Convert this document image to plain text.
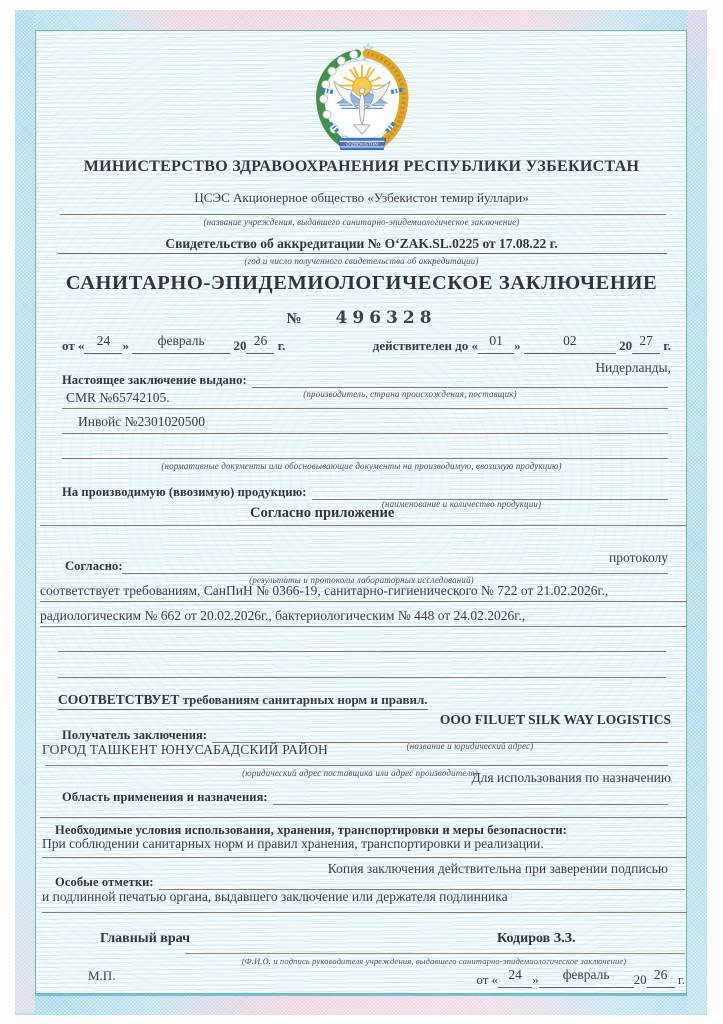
O‘ZBEKISTON
МИНИСТЕРСТВО ЗДРАВООХРАНЕНИЯ РЕСПУБЛИКИ УЗБЕКИСТАН
ЦСЭС Акционерное общество «Узбекистон темир йуллари»
(название учреждения, выдавшего санитарно-эпидемиологическое заключение)
Свидетельство об аккредитации № O‘ZAK.SL.0225 от 17.08.22 г.
(год и число полученного свидетельства об аккредитации)
САНИТАРНО-ЭПИДЕМИОЛОГИЧЕСКОЕ ЗАКЛЮЧЕНИЕ
№ 496328
от « 24 » февраль 20 26 г.	действителен до « 01 »	02	20 27 г.
Нидерланды,
Настоящее заключение выдано:
(производитель, страна происхождения, поставщик)
CMR №65742105.
Инвойс №2301020500
(нормативные документы или обосновывающие документы на производимую, ввозимую продукцию)
На производимую (ввозимую) продукцию:
(наименование и количество продукции)
Согласно приложение
протоколу
Согласно:
(результаты и протоколы лабораторных исследований)
соответствует требованиям, СанПиН № 0366-19, санитарно-гигиенического № 722 от 21.02.2026г.,
радиологическим № 662 от 20.02.2026г., бактериологическим № 448 от 24.02.2026г.,
СООТВЕТСТВУЕТ требованиям санитарных норм и правил.
ООО FILUET SILK WAY LOGISTICS
Получатель заключения:
(название и юридический адрес)
ГОРОД ТАШКЕНТ ЮНУСАБАДСКИЙ РАЙОН
(юридический адрес поставщика или адрес производителя)
Для использования по назначению
Область применения и назначения:
Необходимые условия использования, хранения, транспортировки и меры безопасности:
При соблюдении санитарных норм и правил хранения, транспортировки и реализации.
Копия заключения действительна при заверении подписью
Особые отметки:
и подлинной печатью органа, выдавшего заключение или держателя подлинника
Главный врач	Кодиров З.З.
(Ф.И.О. и подпись руководителя учреждения, выдавшего санитарно-эпидемиологическое заключение)
М.П.	от « 24 » февраль 20 26 г.
